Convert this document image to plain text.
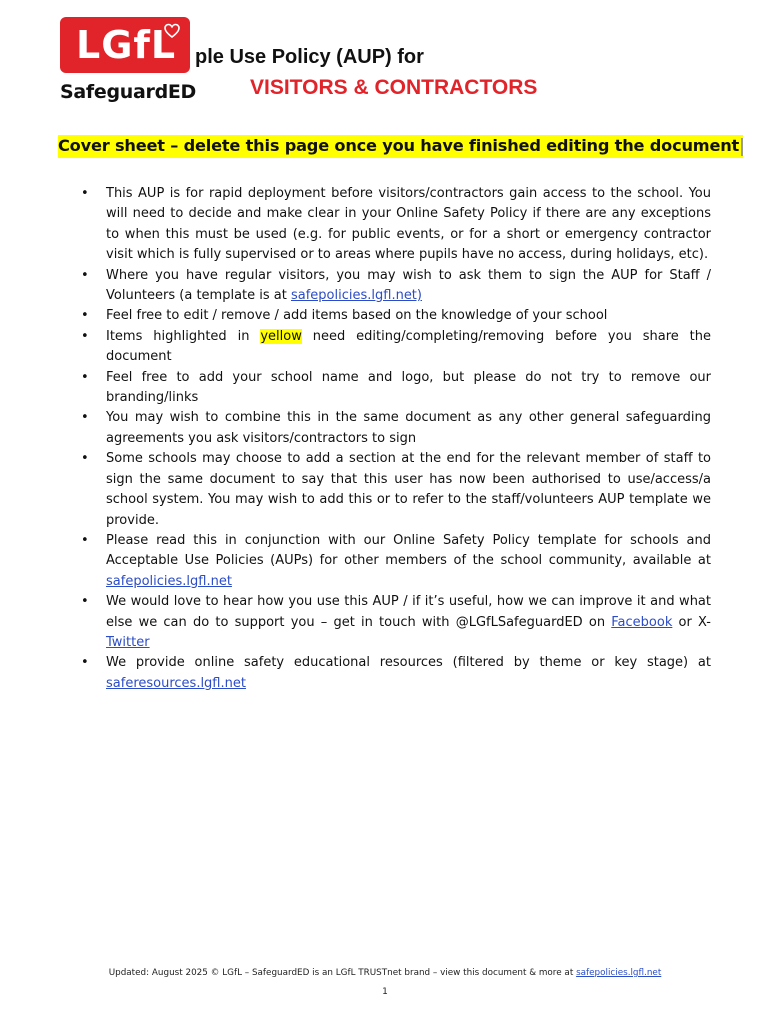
LGfL
SafeguardED
ple Use Policy (AUP) for
VISITORS & CONTRACTORS
Cover sheet – delete this page once you have finished editing the document
• This AUP is for rapid deployment before visitors/contractors gain access to the school. You will need to decide and make clear in your Online Safety Policy if there are any exceptions to when this must be used (e.g. for public events, or for a short or emergency contractor visit which is fully supervised or to areas where pupils have no access, during holidays, etc).
• Where you have regular visitors, you may wish to ask them to sign the AUP for Staff / Volunteers (a template is at safepolicies.lgfl.net)
• Feel free to edit / remove / add items based on the knowledge of your school
• Items highlighted in yellow need editing/completing/removing before you share the document
• Feel free to add your school name and logo, but please do not try to remove our branding/links
• You may wish to combine this in the same document as any other general safeguarding agreements you ask visitors/contractors to sign
• Some schools may choose to add a section at the end for the relevant member of staff to sign the same document to say that this user has now been authorised to use/access/a school system. You may wish to add this or to refer to the staff/volunteers AUP template we provide.
• Please read this in conjunction with our Online Safety Policy template for schools and Acceptable Use Policies (AUPs) for other members of the school community, available at safepolicies.lgfl.net
• We would love to hear how you use this AUP / if it’s useful, how we can improve it and what else we can do to support you – get in touch with @LGfLSafeguardED on Facebook or X- Twitter
• We provide online safety educational resources (filtered by theme or key stage) at saferesources.lgfl.net
Updated: August 2025 © LGfL – SafeguardED is an LGfL TRUSTnet brand – view this document & more at safepolicies.lgfl.net
1
